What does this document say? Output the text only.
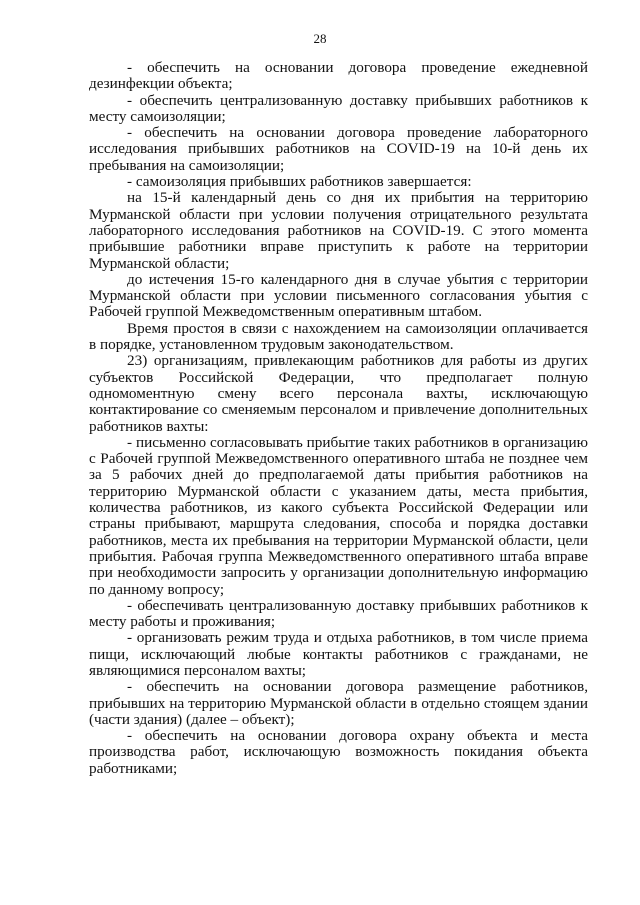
28

- обеспечить на основании договора проведение ежедневной дезинфекции объекта;

- обеспечить централизованную доставку прибывших работников к месту самоизоляции;

- обеспечить на основании договора проведение лабораторного исследования прибывших работников на COVID-19 на 10-й день их пребывания на самоизоляции;

- самоизоляция прибывших работников завершается:

на 15-й календарный день со дня их прибытия на территорию Мурманской области при условии получения отрицательного результата лабораторного исследования работников на COVID-19. С этого момента прибывшие работники вправе приступить к работе на территории Мурманской области;

до истечения 15-го календарного дня в случае убытия с территории Мурманской области при условии письменного согласования убытия с Рабочей группой Межведомственным оперативным штабом.

Время простоя в связи с нахождением на самоизоляции оплачивается в порядке, установленном трудовым законодательством.

23) организациям, привлекающим работников для работы из других субъектов Российской Федерации, что предполагает полную одномоментную смену всего персонала вахты, исключающую контактирование со сменяемым персоналом и привлечение дополнительных работников вахты:

- письменно согласовывать прибытие таких работников в организацию с Рабочей группой Межведомственного оперативного штаба не позднее чем за 5 рабочих дней до предполагаемой даты прибытия работников на территорию Мурманской области с указанием даты, места прибытия, количества работников, из какого субъекта Российской Федерации или страны прибывают, маршрута следования, способа и порядка доставки работников, места их пребывания на территории Мурманской области, цели прибытия. Рабочая группа Межведомственного оперативного штаба вправе при необходимости запросить у организации дополнительную информацию по данному вопросу;

- обеспечивать централизованную доставку прибывших работников к месту работы и проживания;

- организовать режим труда и отдыха работников, в том числе приема пищи, исключающий любые контакты работников с гражданами, не являющимися персоналом вахты;

- обеспечить на основании договора размещение работников, прибывших на территорию Мурманской области в отдельно стоящем здании (части здания) (далее – объект);

- обеспечить на основании договора охрану объекта и места производства работ, исключающую возможность покидания объекта работниками;
